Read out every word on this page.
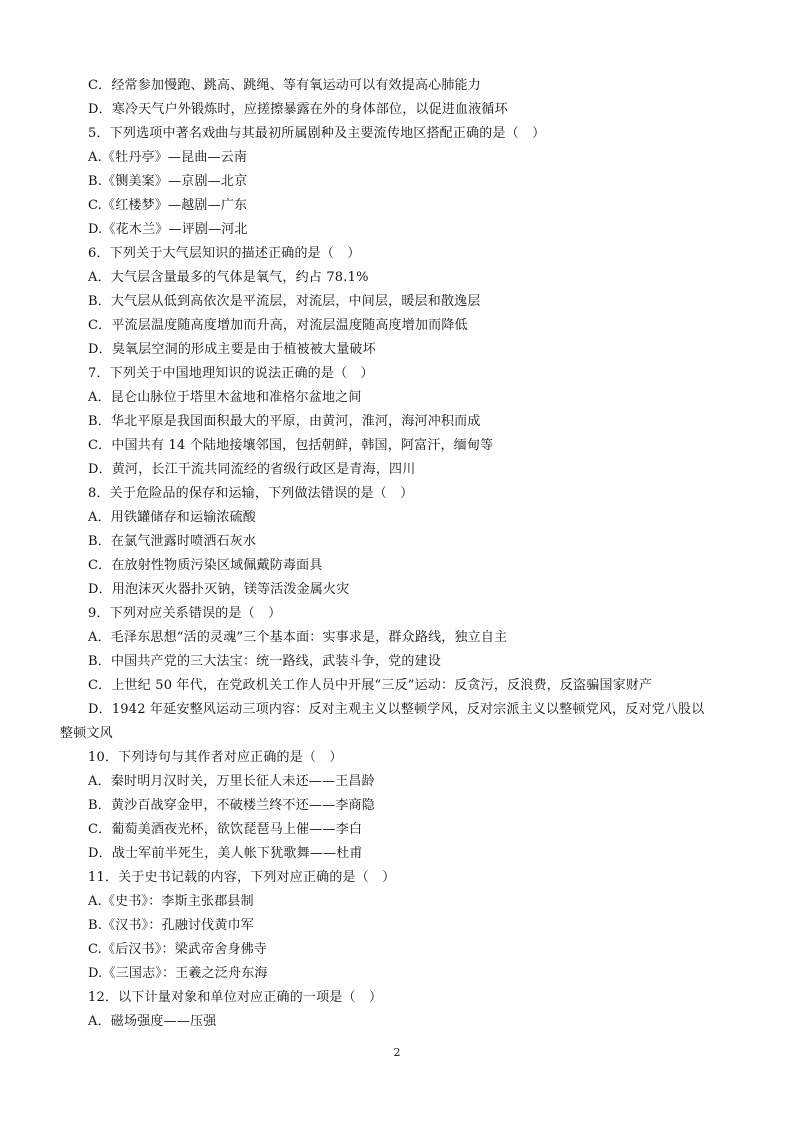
C．经常参加慢跑、跳高、跳绳、等有氧运动可以有效提高心肺能力
D．寒冷天气户外锻炼时，应搓擦暴露在外的身体部位，以促进血液循环
5．下列选项中著名戏曲与其最初所属剧种及主要流传地区搭配正确的是（　）
A.《牡丹亭》—昆曲—云南
B.《铡美案》—京剧—北京
C.《红楼梦》—越剧—广东
D.《花木兰》—评剧—河北
6．下列关于大气层知识的描述正确的是（　）
A．大气层含量最多的气体是氧气，约占 78.1%
B．大气层从低到高依次是平流层，对流层，中间层，暖层和散逸层
C．平流层温度随高度增加而升高，对流层温度随高度增加而降低
D．臭氧层空洞的形成主要是由于植被被大量破坏
7．下列关于中国地理知识的说法正确的是（　）
A．昆仑山脉位于塔里木盆地和准格尔盆地之间
B．华北平原是我国面积最大的平原，由黄河，淮河，海河冲积而成
C．中国共有 14 个陆地接壤邻国，包括朝鲜，韩国，阿富汗，缅甸等
D．黄河，长江干流共同流经的省级行政区是青海，四川
8．关于危险品的保存和运输，下列做法错误的是（　）
A．用铁罐储存和运输浓硫酸
B．在氯气泄露时喷洒石灰水
C．在放射性物质污染区域佩戴防毒面具
D．用泡沫灭火器扑灭钠，镁等活泼金属火灾
9．下列对应关系错误的是（　）
A．毛泽东思想“活的灵魂”三个基本面：实事求是，群众路线，独立自主
B．中国共产党的三大法宝：统一路线，武装斗争，党的建设
C．上世纪 50 年代，在党政机关工作人员中开展“三反”运动：反贪污，反浪费，反盗骗国家财产
D．1942 年延安整风运动三项内容：反对主观主义以整顿学风，反对宗派主义以整顿党风，反对党八股以
整顿文风
10．下列诗句与其作者对应正确的是（　）
A．秦时明月汉时关，万里长征人未还——王昌龄
B．黄沙百战穿金甲，不破楼兰终不还——李商隐
C．葡萄美酒夜光杯，欲饮琵琶马上催——李白
D．战士军前半死生，美人帐下犹歌舞——杜甫
11．关于史书记载的内容，下列对应正确的是（　）
A.《史书》：李斯主张郡县制
B.《汉书》：孔融讨伐黄巾军
C.《后汉书》：梁武帝舍身佛寺
D.《三国志》：王羲之泛舟东海
12．以下计量对象和单位对应正确的一项是（　）
A．磁场强度——压强
2
